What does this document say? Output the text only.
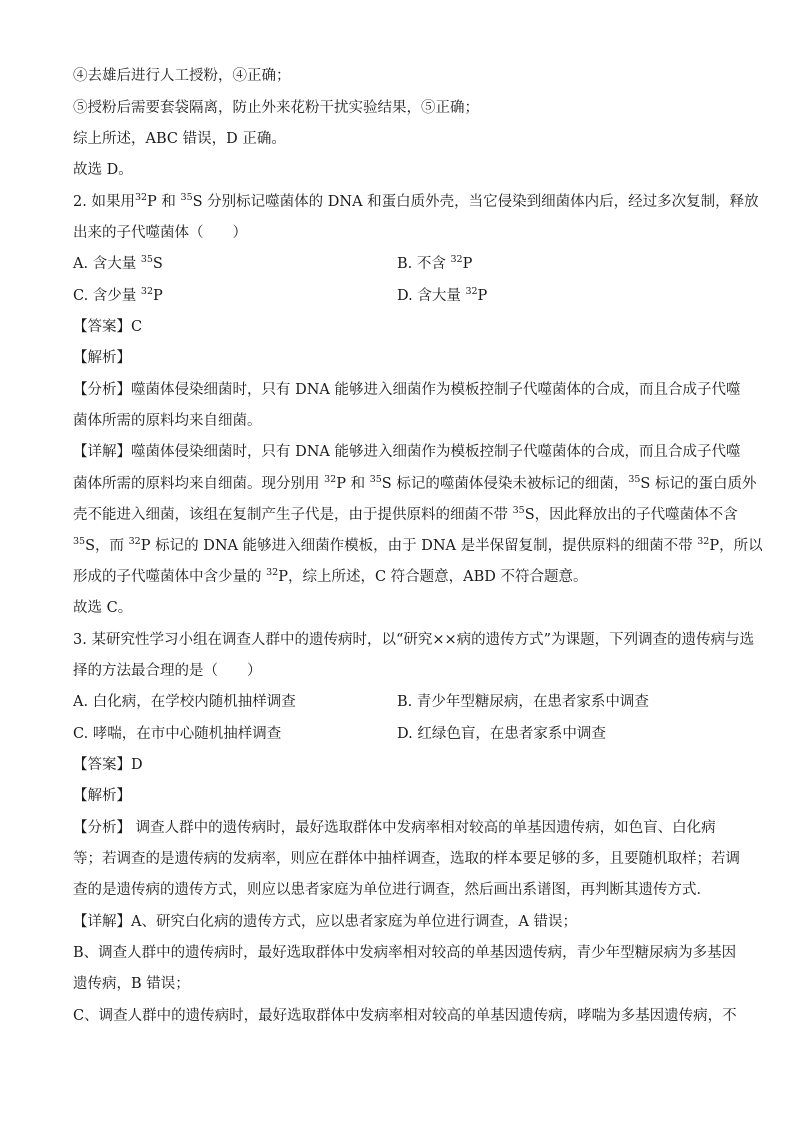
④去雄后进行人工授粉，④正确；
⑤授粉后需要套袋隔离，防止外来花粉干扰实验结果，⑤正确；
综上所述，ABC 错误，D 正确。
故选 D。
2. 如果用$^{32}$P 和 $^{35}$S 分别标记噬菌体的 DNA 和蛋白质外壳，当它侵染到细菌体内后，经过多次复制，释放
出来的子代噬菌体（　　）
A. 含大量 $^{35}$S	B. 不含 $^{32}$P
C. 含少量 $^{32}$P	D. 含大量 $^{32}$P
【答案】C
【解析】
【分析】噬菌体侵染细菌时，只有 DNA 能够进入细菌作为模板控制子代噬菌体的合成，而且合成子代噬
菌体所需的原料均来自细菌。
【详解】噬菌体侵染细菌时，只有 DNA 能够进入细菌作为模板控制子代噬菌体的合成，而且合成子代噬
菌体所需的原料均来自细菌。现分别用 $^{32}$P 和 $^{35}$S 标记的噬菌体侵染未被标记的细菌，$^{35}$S 标记的蛋白质外
壳不能进入细菌，该组在复制产生子代是，由于提供原料的细菌不带 $^{35}$S，因此释放出的子代噬菌体不含
$^{35}$S，而 $^{32}$P 标记的 DNA 能够进入细菌作模板，由于 DNA 是半保留复制，提供原料的细菌不带 $^{32}$P，所以
形成的子代噬菌体中含少量的 $^{32}$P，综上所述，C 符合题意，ABD 不符合题意。
故选 C。
3. 某研究性学习小组在调查人群中的遗传病时，以“研究××病的遗传方式”为课题，下列调查的遗传病与选
择的方法最合理的是（　　）
A. 白化病，在学校内随机抽样调查	B. 青少年型糖尿病，在患者家系中调查
C. 哮喘，在市中心随机抽样调查	D. 红绿色盲，在患者家系中调查
【答案】D
【解析】
【分析】 调查人群中的遗传病时，最好选取群体中发病率相对较高的单基因遗传病，如色盲、白化病
等；若调查的是遗传病的发病率，则应在群体中抽样调查，选取的样本要足够的多，且要随机取样；若调
查的是遗传病的遗传方式，则应以患者家庭为单位进行调查，然后画出系谱图，再判断其遗传方式．
【详解】A、研究白化病的遗传方式，应以患者家庭为单位进行调查，A 错误；
B、调查人群中的遗传病时，最好选取群体中发病率相对较高的单基因遗传病，青少年型糖尿病为多基因
遗传病，B 错误；
C、调查人群中的遗传病时，最好选取群体中发病率相对较高的单基因遗传病，哮喘为多基因遗传病，不
